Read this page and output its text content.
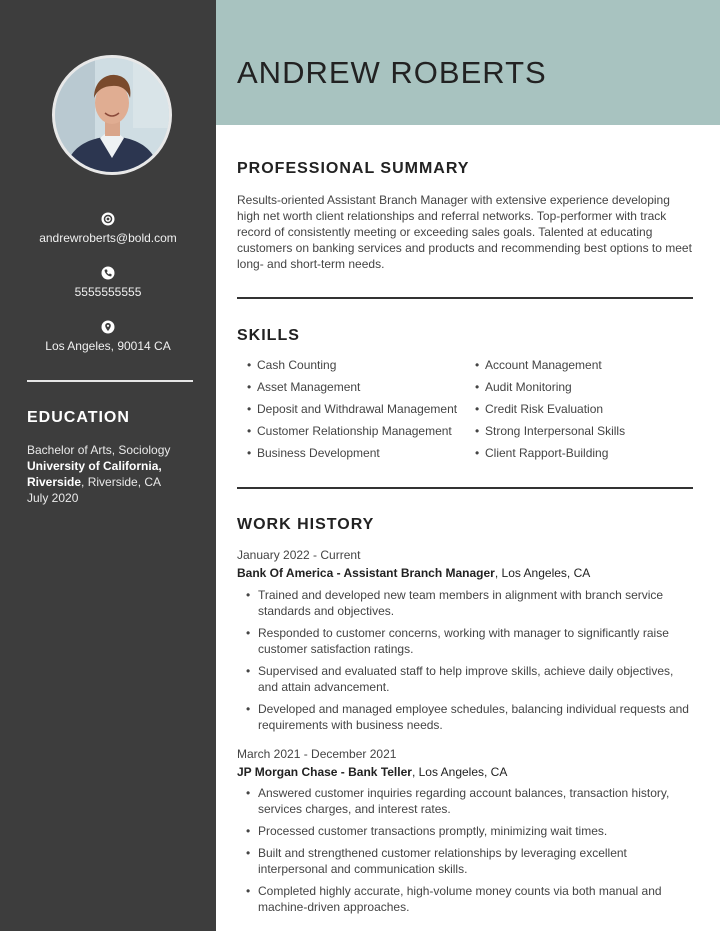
andrewroberts@bold.com
5555555555
Los Angeles, 90014 CA
EDUCATION
Bachelor of Arts, Sociology
University of California, Riverside, Riverside, CA
July 2020
ANDREW ROBERTS
PROFESSIONAL SUMMARY
Results-oriented Assistant Branch Manager with extensive experience developing high net worth client relationships and referral networks. Top-performer with track record of consistently meeting or exceeding sales goals. Talented at educating customers on banking services and products and recommending best options to meet long- and short-term needs.
SKILLS
• Cash Counting
• Asset Management
• Deposit and Withdrawal Management
• Customer Relationship Management
• Business Development
• Account Management
• Audit Monitoring
• Credit Risk Evaluation
• Strong Interpersonal Skills
• Client Rapport-Building
WORK HISTORY
January 2022 - Current
Bank Of America - Assistant Branch Manager, Los Angeles, CA
• Trained and developed new team members in alignment with branch service standards and objectives.
• Responded to customer concerns, working with manager to significantly raise customer satisfaction ratings.
• Supervised and evaluated staff to help improve skills, achieve daily objectives, and attain advancement.
• Developed and managed employee schedules, balancing individual requests and requirements with business needs.
March 2021 - December 2021
JP Morgan Chase - Bank Teller, Los Angeles, CA
• Answered customer inquiries regarding account balances, transaction history, services charges, and interest rates.
• Processed customer transactions promptly, minimizing wait times.
• Built and strengthened customer relationships by leveraging excellent interpersonal and communication skills.
• Completed highly accurate, high-volume money counts via both manual and machine-driven approaches.
